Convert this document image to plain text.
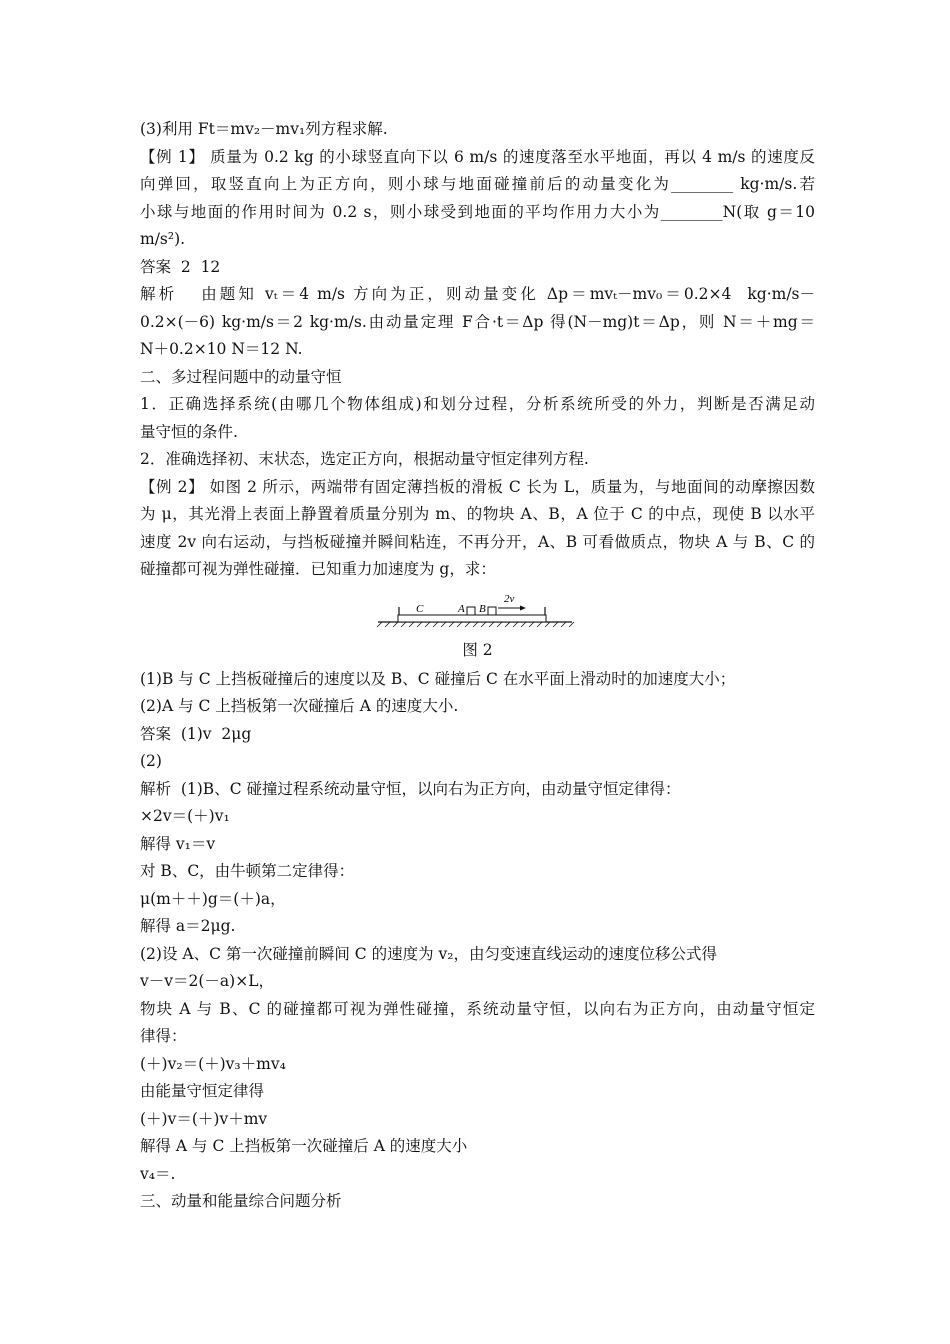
(3)利用 Ft＝mv₂－mv₁列方程求解.
【例 1】 质量为 0.2 kg 的小球竖直向下以 6 m/s 的速度落至水平地面，再以 4 m/s 的速度反
向弹回，取竖直向上为正方向，则小球与地面碰撞前后的动量变化为________ kg·m/s.若
小球与地面的作用时间为 0.2 s，则小球受到地面的平均作用力大小为________N(取 g＝10
m/s²).
答案  2  12
解析   由题知 vₜ＝4 m/s 方向为正，则动量变化 Δp＝mvₜ－mv₀＝0.2×4  kg·m/s－
0.2×(－6) kg·m/s＝2 kg·m/s.由动量定理 F合·t＝Δp 得(N－mg)t＝Δp，则 N＝＋mg＝
N＋0.2×10 N＝12 N.
二、多过程问题中的动量守恒
1．正确选择系统(由哪几个物体组成)和划分过程，分析系统所受的外力，判断是否满足动
量守恒的条件.
2．准确选择初、末状态，选定正方向，根据动量守恒定律列方程.
【例 2】 如图 2 所示，两端带有固定薄挡板的滑板 C 长为 L，质量为，与地面间的动摩擦因数
为 μ，其光滑上表面上静置着质量分别为 m、的物块 A、B，A 位于 C 的中点，现使 B 以水平
速度 2v 向右运动，与挡板碰撞并瞬间粘连，不再分开，A、B 可看做质点，物块 A 与 B、C 的
碰撞都可视为弹性碰撞．已知重力加速度为 g，求：
C	A B
2v
图 2
(1)B 与 C 上挡板碰撞后的速度以及 B、C 碰撞后 C 在水平面上滑动时的加速度大小；
(2)A 与 C 上挡板第一次碰撞后 A 的速度大小.
答案  (1)v  2μg
(2)
解析  (1)B、C 碰撞过程系统动量守恒，以向右为正方向，由动量守恒定律得：
×2v＝(＋)v₁
解得 v₁＝v
对 B、C，由牛顿第二定律得：
μ(m＋＋)g＝(＋)a，
解得 a＝2μg.
(2)设 A、C 第一次碰撞前瞬间 C 的速度为 v₂，由匀变速直线运动的速度位移公式得
v－v＝2(－a)×L，
物块 A 与 B、C 的碰撞都可视为弹性碰撞，系统动量守恒，以向右为正方向，由动量守恒定
律得：
(＋)v₂＝(＋)v₃＋mv₄
由能量守恒定律得
(＋)v＝(＋)v＋mv
解得 A 与 C 上挡板第一次碰撞后 A 的速度大小
v₄＝.
三、动量和能量综合问题分析
